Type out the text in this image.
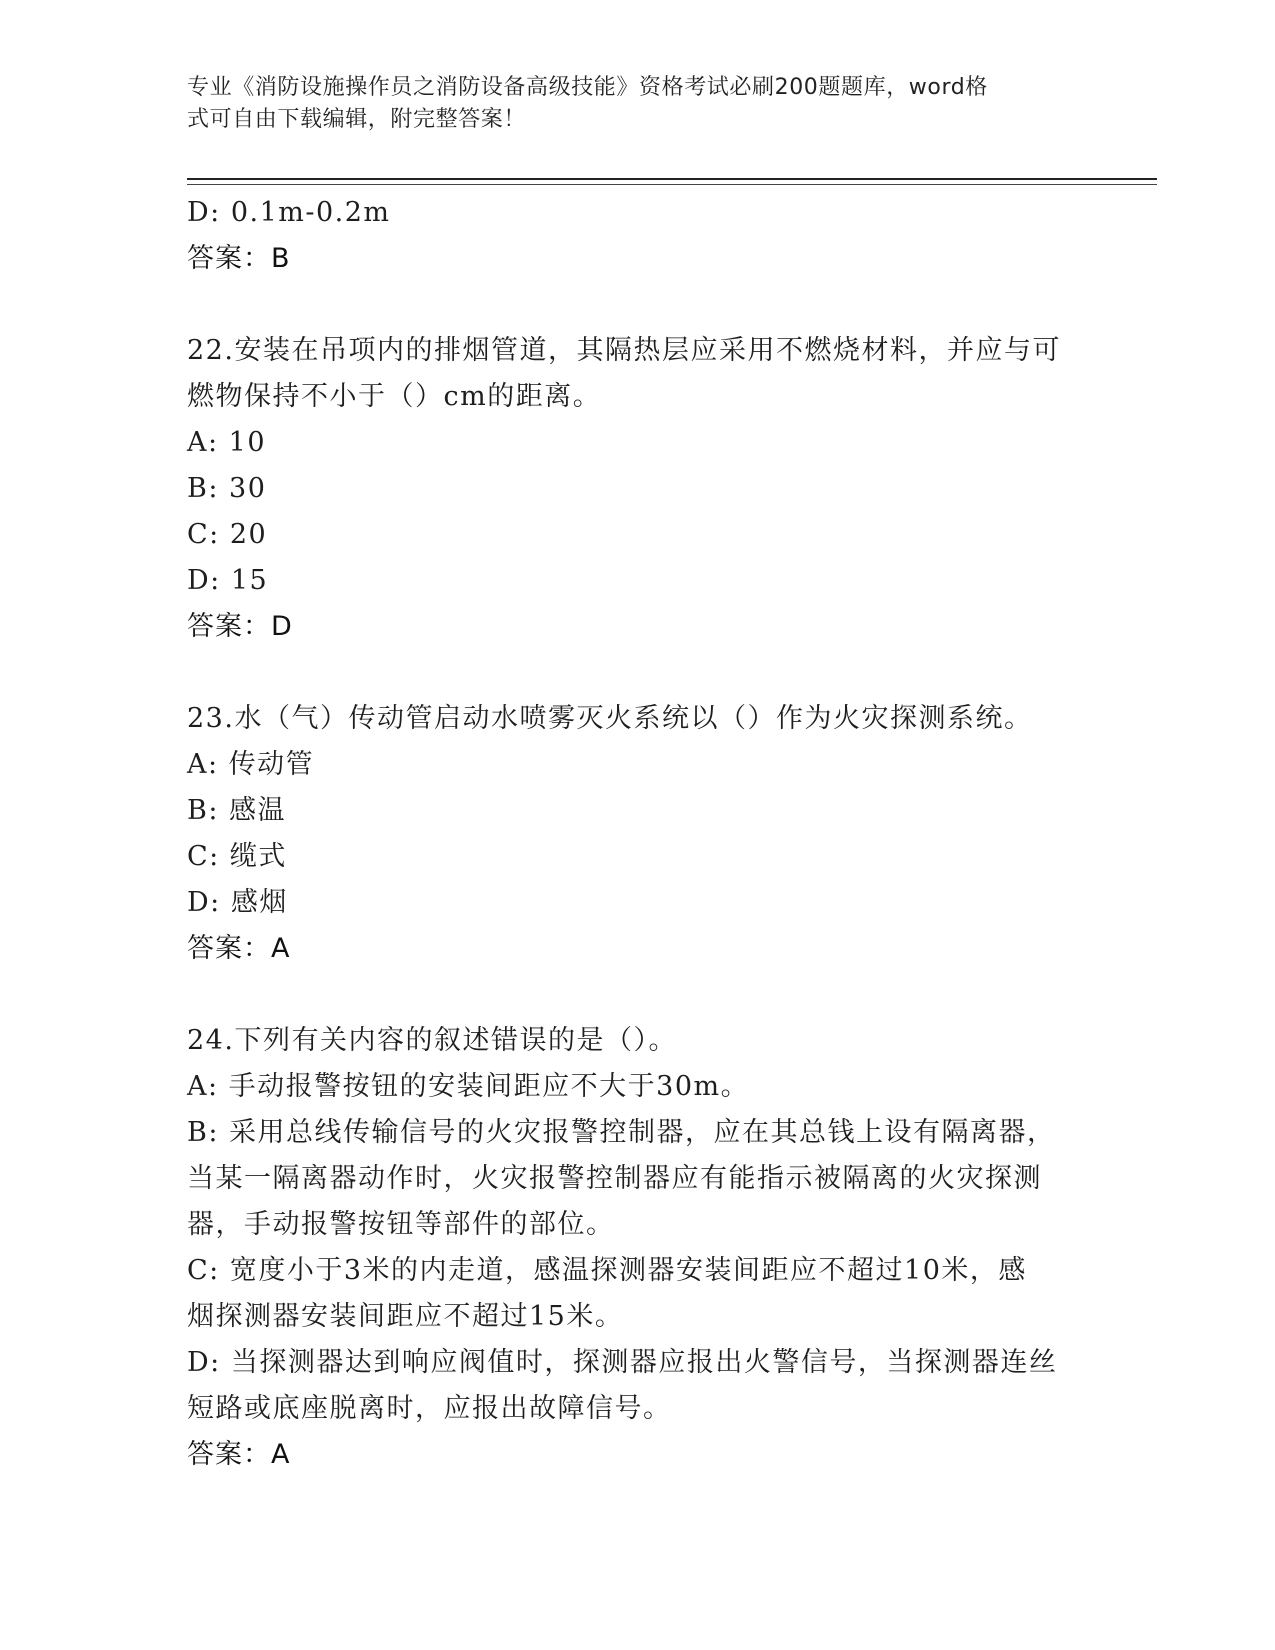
专业《消防设施操作员之消防设备高级技能》资格考试必刷200题题库，word格
式可自由下载编辑，附完整答案！
D: 0.1m-0.2m
答案：B
22.安装在吊项内的排烟管道，其隔热层应采用不燃烧材料，并应与可
燃物保持不小于（）cm的距离。
A: 10
B: 30
C: 20
D: 15
答案：D
23.水（气）传动管启动水喷雾灭火系统以（）作为火灾探测系统。
A: 传动管
B: 感温
C: 缆式
D: 感烟
答案：A
24.下列有关内容的叙述错误的是（）。
A: 手动报警按钮的安装间距应不大于30m。
B: 采用总线传输信号的火灾报警控制器，应在其总钱上设有隔离器，
当某一隔离器动作时，火灾报警控制器应有能指示被隔离的火灾探测
器，手动报警按钮等部件的部位。
C: 宽度小于3米的内走道，感温探测器安装间距应不超过10米，感
烟探测器安装间距应不超过15米。
D: 当探测器达到响应阀值时，探测器应报出火警信号，当探测器连丝
短路或底座脱离时，应报出故障信号。
答案：A
